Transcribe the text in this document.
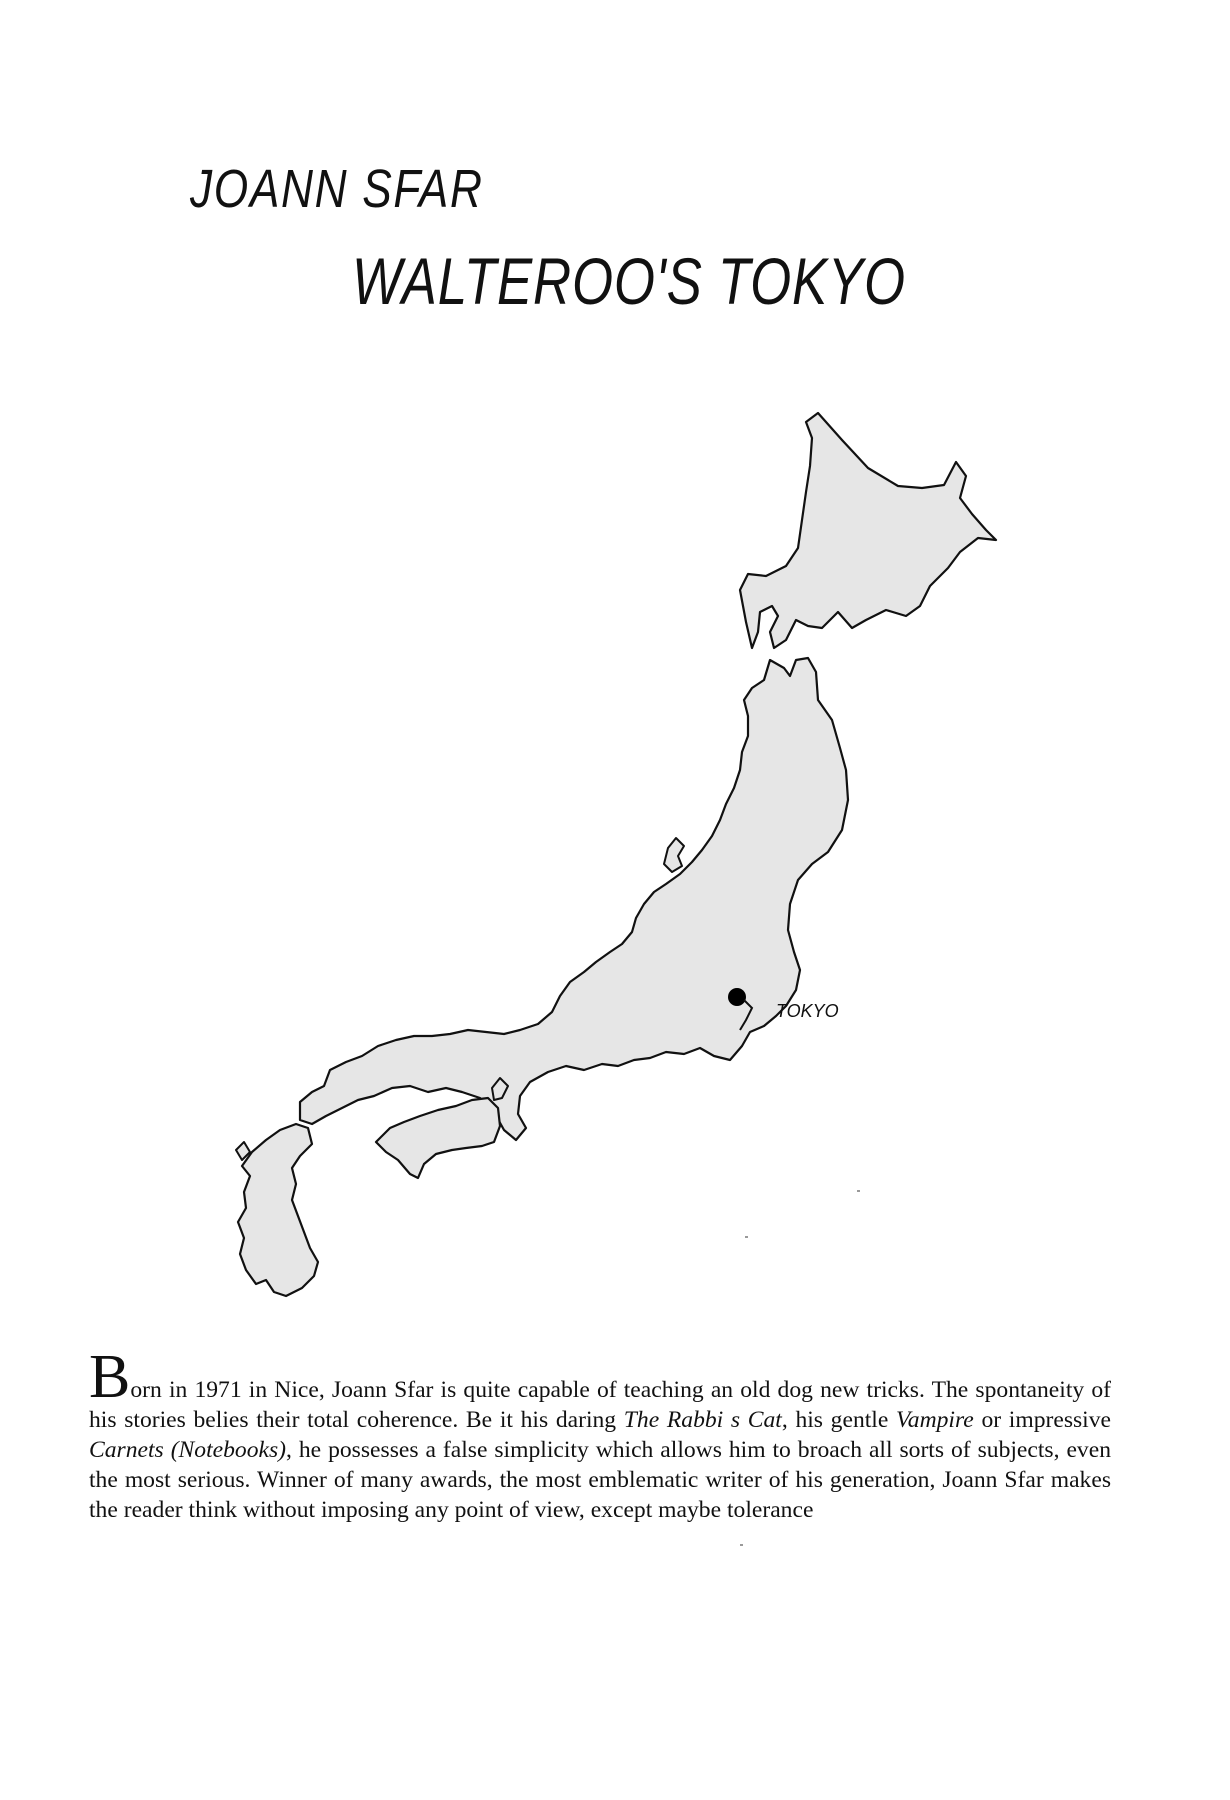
JOANN SFAR
WALTEROO'S TOKYO
TOKYO

Born in 1971 in Nice, Joann Sfar is quite capable of teaching an old dog new tricks. The spontaneity of his stories belies their total coherence. Be it his daring The Rabbi s Cat, his gentle Vampire or impressive Carnets (Notebooks), he possesses a false simplicity which allows him to broach all sorts of subjects, even the most serious. Winner of many awards, the most emblematic writer of his generation, Joann Sfar makes the reader think without imposing any point of view, except maybe tolerance
